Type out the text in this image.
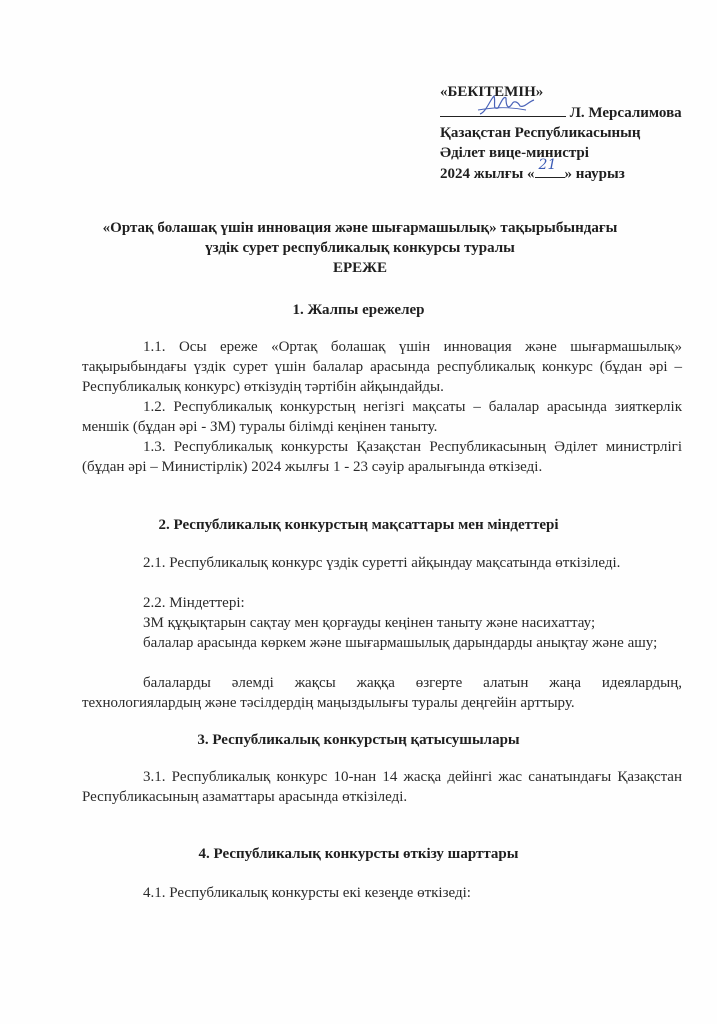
«БЕКІТЕМІН»
Л. Мерсалимова
Қазақстан Республикасының
Әділет вице-министрі
2024 жылғы «
21
» наурыз
«Ортақ болашақ үшін инновация және шығармашылық» тақырыбындағы
үздік сурет республикалық конкурсы туралы
ЕРЕЖЕ
1. Жалпы ережелер
1.1. Осы ереже «Ортақ болашақ үшін инновация және шығармашылық» тақырыбындағы үздік сурет үшін балалар арасында республикалық конкурс (бұдан әрі – Республикалық конкурс) өткізудің тәртібін айқындайды.
1.2. Республикалық конкурстың негізгі мақсаты – балалар арасында зияткерлік меншік (бұдан әрі - ЗМ) туралы білімді кеңінен таныту.
1.3. Республикалық конкурсты Қазақстан Республикасының Әділет министрлігі (бұдан әрі – Министірлік) 2024 жылғы 1 - 23 сәуір аралығында өткізеді.
2. Республикалық конкурстың мақсаттары мен міндеттері
2.1. Республикалық конкурс үздік суретті айқындау мақсатында өткізіледі.
2.2. Міндеттері:
ЗМ құқықтарын сақтау мен қорғауды кеңінен таныту және насихаттау;
балалар арасында көркем және шығармашылық дарындарды анықтау және ашу;
балаларды әлемді жақсы жаққа өзгерте алатын жаңа идеялардың, технологиялардың және тәсілдердің маңыздылығы туралы деңгейін арттыру.
3. Республикалық конкурстың қатысушылары
3.1. Республикалық конкурс 10-нан 14 жасқа дейінгі жас санатындағы Қазақстан Республикасының азаматтары арасында өткізіледі.
4. Республикалық конкурсты өткізу шарттары
4.1. Республикалық конкурсты екі кезеңде өткізеді:
